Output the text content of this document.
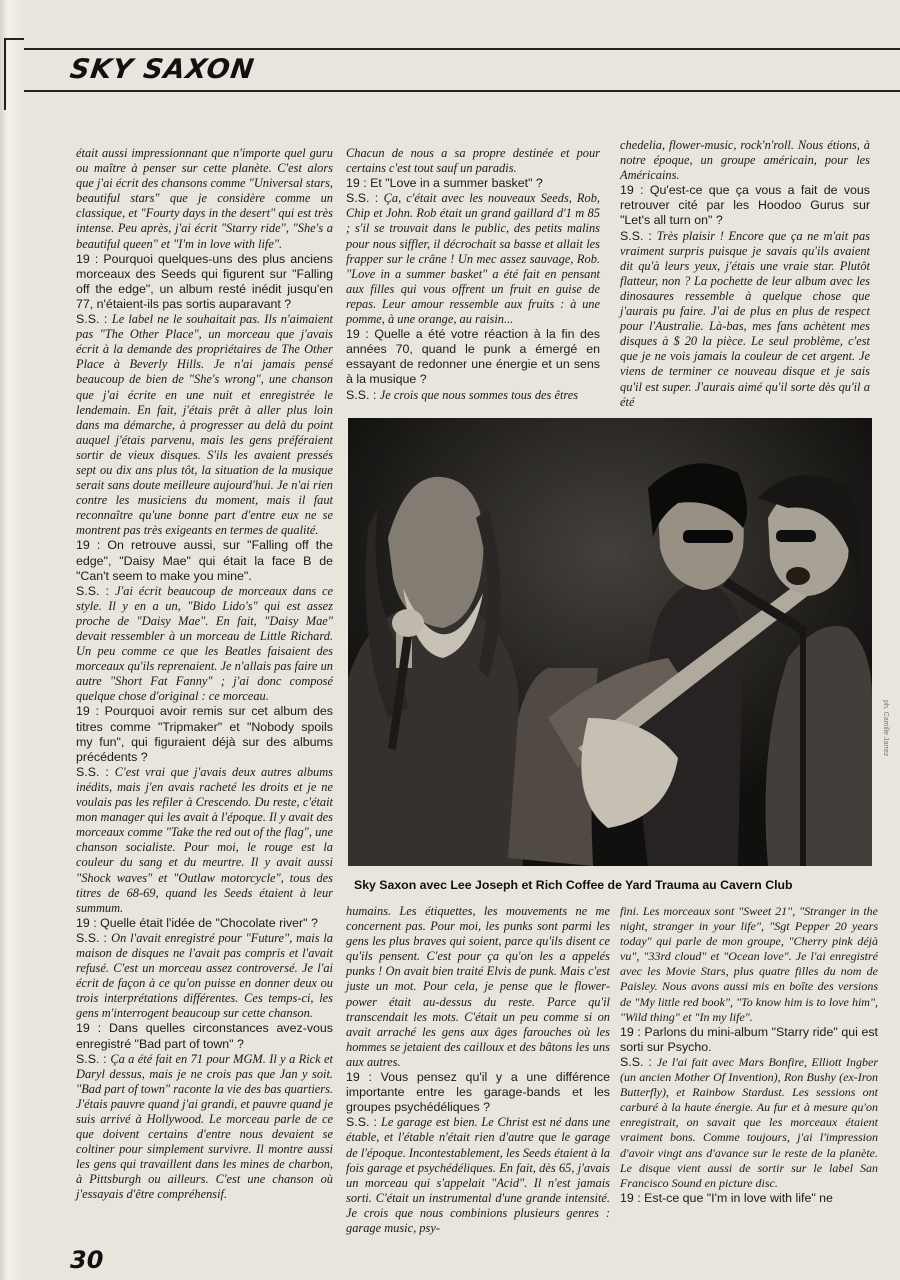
SKY SAXON

était aussi impressionnant que n'importe quel guru ou maître à penser sur cette planète. C'est alors que j'ai écrit des chansons comme "Universal stars, beautiful stars" que je considère comme un classique, et "Fourty days in the desert" qui est très intense. Peu après, j'ai écrit "Starry ride", "She's a beautiful queen" et "I'm in love with life".

19 : Pourquoi quelques-uns des plus anciens morceaux des Seeds qui figurent sur "Falling off the edge", un album resté inédit jusqu'en 77, n'étaient-ils pas sortis auparavant ?

S.S. : Le label ne le souhaitait pas. Ils n'aimaient pas "The Other Place", un morceau que j'avais écrit à la demande des propriétaires de The Other Place à Beverly Hills. Je n'ai jamais pensé beaucoup de bien de "She's wrong", une chanson que j'ai écrite en une nuit et enregistrée le lendemain. En fait, j'étais prêt à aller plus loin dans ma démarche, à progresser au delà du point auquel j'étais parvenu, mais les gens préféraient sortir de vieux disques. S'ils les avaient pressés sept ou dix ans plus tôt, la situation de la musique serait sans doute meilleure aujourd'hui. Je n'ai rien contre les musiciens du moment, mais il faut reconnaître qu'une bonne part d'entre eux ne se montrent pas très exigeants en termes de qualité.

19 : On retrouve aussi, sur "Falling off the edge", "Daisy Mae" qui était la face B de "Can't seem to make you mine".

S.S. : J'ai écrit beaucoup de morceaux dans ce style. Il y en a un, "Bido Lido's" qui est assez proche de "Daisy Mae". En fait, "Daisy Mae" devait ressembler à un morceau de Little Richard. Un peu comme ce que les Beatles faisaient des morceaux qu'ils reprenaient. Je n'allais pas faire un autre "Short Fat Fanny" ; j'ai donc composé quelque chose d'original : ce morceau.

19 : Pourquoi avoir remis sur cet album des titres comme "Tripmaker" et "Nobody spoils my fun", qui figuraient déjà sur des albums précédents ?

S.S. : C'est vrai que j'avais deux autres albums inédits, mais j'en avais racheté les droits et je ne voulais pas les refiler à Crescendo. Du reste, c'était mon manager qui les avait à l'époque. Il y avait des morceaux comme "Take the red out of the flag", une chanson socialiste. Pour moi, le rouge est la couleur du sang et du meurtre. Il y avait aussi "Shock waves" et "Outlaw motorcycle", tous des titres de 68-69, quand les Seeds étaient à leur summum.

19 : Quelle était l'idée de "Chocolate river" ?

S.S. : On l'avait enregistré pour "Future", mais la maison de disques ne l'avait pas compris et l'avait refusé. C'est un morceau assez controversé. Je l'ai écrit de façon à ce qu'on puisse en donner deux ou trois interprétations différentes. Ces temps-ci, les gens m'interrogent beaucoup sur cette chanson.

19 : Dans quelles circonstances avez-vous enregistré "Bad part of town" ?

S.S. : Ça a été fait en 71 pour MGM. Il y a Rick et Daryl dessus, mais je ne crois pas que Jan y soit. "Bad part of town" raconte la vie des bas quartiers. J'étais pauvre quand j'ai grandi, et pauvre quand je suis arrivé à Hollywood. Le morceau parle de ce que doivent certains d'entre nous devaient se coltiner pour simplement survivre. Il montre aussi les gens qui travaillent dans les mines de charbon, à Pittsburgh ou ailleurs. C'est une chanson où j'essayais d'être compréhensif.

Chacun de nous a sa propre destinée et pour certains c'est tout sauf un paradis.

19 : Et "Love in a summer basket" ?

S.S. : Ça, c'était avec les nouveaux Seeds, Rob, Chip et John. Rob était un grand gaillard d'1 m 85 ; s'il se trouvait dans le public, des petits malins pour nous siffler, il décrochait sa basse et allait les frapper sur le crâne ! Un mec assez sauvage, Rob. "Love in a summer basket" a été fait en pensant aux filles qui vous offrent un fruit en guise de repas. Leur amour ressemble aux fruits : à une pomme, à une orange, au raisin...

19 : Quelle a été votre réaction à la fin des années 70, quand le punk a émergé en essayant de redonner une énergie et un sens à la musique ?

S.S. : Je crois que nous sommes tous des êtres

chedelia, flower-music, rock'n'roll. Nous étions, à notre époque, un groupe américain, pour les Américains.

19 : Qu'est-ce que ça vous a fait de vous retrouver cité par les Hoodoo Gurus sur "Let's all turn on" ?

S.S. : Très plaisir ! Encore que ça ne m'ait pas vraiment surpris puisque je savais qu'ils avaient dit qu'à leurs yeux, j'étais une vraie star. Plutôt flatteur, non ? La pochette de leur album avec les dinosaures ressemble à quelque chose que j'aurais pu faire. J'ai de plus en plus de respect pour l'Australie. Là-bas, mes fans achètent mes disques à $ 20 la pièce. Le seul problème, c'est que je ne vois jamais la couleur de cet argent. Je viens de terminer ce nouveau disque et je sais qu'il est super. J'aurais aimé qu'il sorte dès qu'il a été

ph. Camille Jarrez
Sky Saxon avec Lee Joseph et Rich Coffee de Yard Trauma au Cavern Club

humains. Les étiquettes, les mouvements ne me concernent pas. Pour moi, les punks sont parmi les gens les plus braves qui soient, parce qu'ils disent ce qu'ils pensent. C'est pour ça qu'on les a appelés punks ! On avait bien traité Elvis de punk. Mais c'est juste un mot. Pour cela, je pense que le flower-power était au-dessus du reste. Parce qu'il transcendait les mots. C'était un peu comme si on avait arraché les gens aux âges farouches où les hommes se jetaient des cailloux et des bâtons les uns aux autres.

19 : Vous pensez qu'il y a une différence importante entre les garage-bands et les groupes psychédéliques ?

S.S. : Le garage est bien. Le Christ est né dans une étable, et l'étable n'était rien d'autre que le garage de l'époque. Incontestablement, les Seeds étaient à la fois garage et psychédéliques. En fait, dès 65, j'avais un morceau qui s'appelait "Acid". Il n'est jamais sorti. C'était un instrumental d'une grande intensité. Je crois que nous combinions plusieurs genres : garage music, psy-

fini. Les morceaux sont "Sweet 21", "Stranger in the night, stranger in your life", "Sgt Pepper 20 years today" qui parle de mon groupe, "Cherry pink déjà vu", "33rd cloud" et "Ocean love". Je l'ai enregistré avec les Movie Stars, plus quatre filles du nom de Paisley. Nous avons aussi mis en boîte des versions de "My little red book", "To know him is to love him", "Wild thing" et "In my life".

19 : Parlons du mini-album "Starry ride" qui est sorti sur Psycho.

S.S. : Je l'ai fait avec Mars Bonfire, Elliott Ingber (un ancien Mother Of Invention), Ron Bushy (ex-Iron Butterfly), et Rainbow Stardust. Les sessions ont carburé à la haute énergie. Au fur et à mesure qu'on enregistrait, on savait que les morceaux étaient vraiment bons. Comme toujours, j'ai l'impression d'avoir vingt ans d'avance sur le reste de la planète. Le disque vient aussi de sortir sur le label San Francisco Sound en picture disc.

19 : Est-ce que "I'm in love with life" ne

30
